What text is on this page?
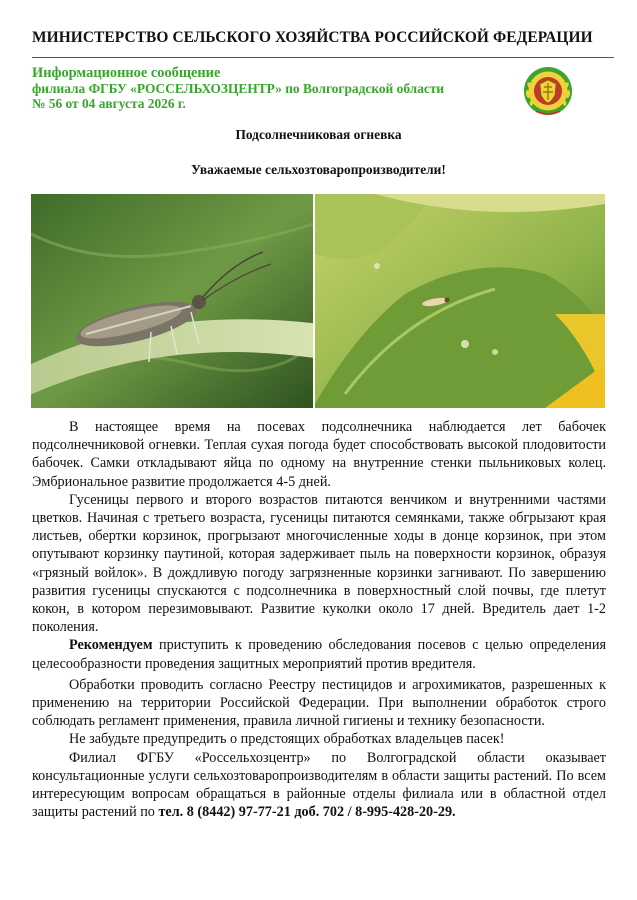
МИНИСТЕРСТВО СЕЛЬСКОГО ХОЗЯЙСТВА РОССИЙСКОЙ ФЕДЕРАЦИИ
Информационное сообщение
филиала ФГБУ «РОССЕЛЬХОЗЦЕНТР» по Волгоградской области
№ 56 от 04 августа 2026 г.
Подсолнечниковая огневка
Уважаемые сельхозтоваропроизводители!

В настоящее время на посевах подсолнечника наблюдается лет бабочек подсолнечниковой огневки. Теплая сухая погода будет способствовать высокой плодовитости бабочек. Самки откладывают яйца по одному на внутренние стенки пыльниковых колец. Эмбриональное развитие продолжается 4-5 дней.

Гусеницы первого и второго возрастов питаются венчиком и внутренними частями цветков. Начиная с третьего возраста, гусеницы питаются семянками, также обгрызают края листьев, обертки корзинок, прогрызают многочисленные ходы в донце корзинок, при этом опутывают корзинку паутиной, которая задерживает пыль на поверхности корзинок, образуя «грязный войлок». В дождливую погоду загрязненные корзинки загнивают. По завершению развития гусеницы спускаются с подсолнечника в поверхностный слой почвы, где плетут кокон, в котором перезимовывают. Развитие куколки около 17 дней. Вредитель дает 1-2 поколения.

Рекомендуем приступить к проведению обследования посевов с целью определения целесообразности проведения защитных мероприятий против вредителя.

Обработки проводить согласно Реестру пестицидов и агрохимикатов, разрешенных к применению на территории Российской Федерации. При выполнении обработок строго соблюдать регламент применения, правила личной гигиены и технику безопасности.

Не забудьте предупредить о предстоящих обработках владельцев пасек!

Филиал ФГБУ «Россельхозцентр» по Волгоградской области оказывает консультационные услуги сельхозтоваропроизводителям в области защиты растений. По всем интересующим вопросам обращаться в районные отделы филиала или в областной отдел защиты растений по тел. 8 (8442) 97-77-21 доб. 702 / 8-995-428-20-29.
